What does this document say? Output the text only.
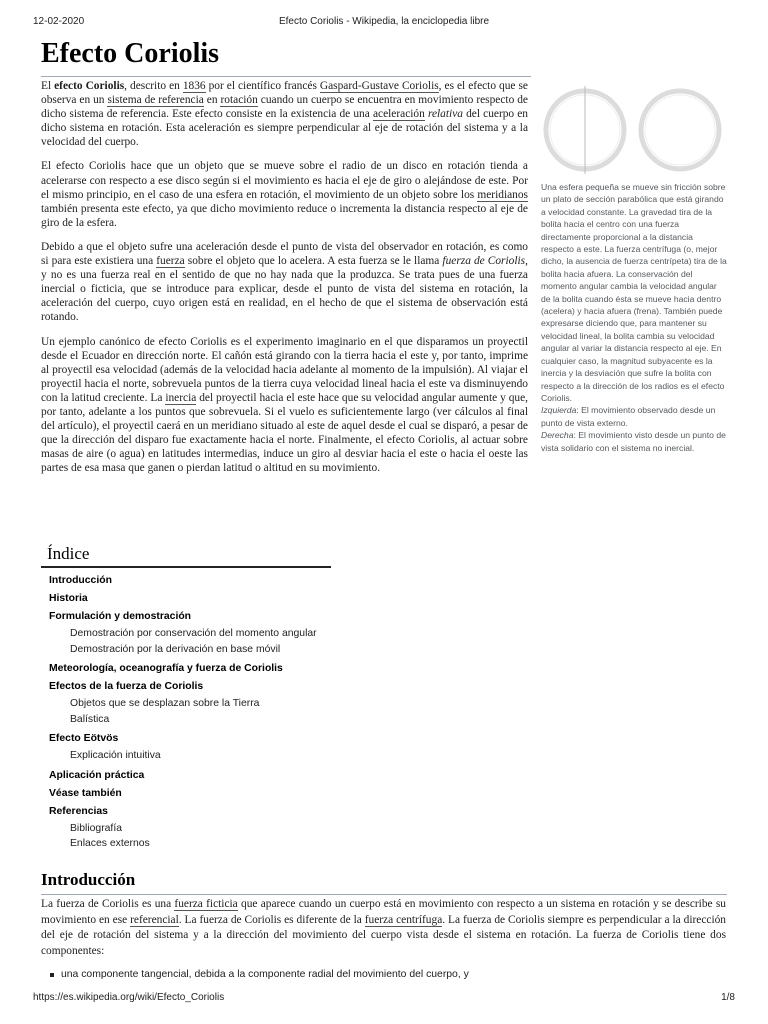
12-02-2020	Efecto Coriolis - Wikipedia, la enciclopedia libre
Efecto Coriolis

El efecto Coriolis, descrito en 1836 por el científico francés Gaspard-Gustave Coriolis, es el efecto que se observa en un sistema de referencia en rotación cuando un cuerpo se encuentra en movimiento respecto de dicho sistema de referencia. Este efecto consiste en la existencia de una aceleración relativa del cuerpo en dicho sistema en rotación. Esta aceleración es siempre perpendicular al eje de rotación del sistema y a la velocidad del cuerpo.

El efecto Coriolis hace que un objeto que se mueve sobre el radio de un disco en rotación tienda a acelerarse con respecto a ese disco según si el movimiento es hacia el eje de giro o alejándose de este. Por el mismo principio, en el caso de una esfera en rotación, el movimiento de un objeto sobre los meridianos también presenta este efecto, ya que dicho movimiento reduce o incrementa la distancia respecto al eje de giro de la esfera.

Debido a que el objeto sufre una aceleración desde el punto de vista del observador en rotación, es como si para este existiera una fuerza sobre el objeto que lo acelera. A esta fuerza se le llama fuerza de Coriolis, y no es una fuerza real en el sentido de que no hay nada que la produzca. Se trata pues de una fuerza inercial o ficticia, que se introduce para explicar, desde el punto de vista del sistema en rotación, la aceleración del cuerpo, cuyo origen está en realidad, en el hecho de que el sistema de observación está rotando.

Un ejemplo canónico de efecto Coriolis es el experimento imaginario en el que disparamos un proyectil desde el Ecuador en dirección norte. El cañón está girando con la tierra hacia el este y, por tanto, imprime al proyectil esa velocidad (además de la velocidad hacia adelante al momento de la impulsión). Al viajar el proyectil hacia el norte, sobrevuela puntos de la tierra cuya velocidad lineal hacia el este va disminuyendo con la latitud creciente. La inercia del proyectil hacia el este hace que su velocidad angular aumente y que, por tanto, adelante a los puntos que sobrevuela. Si el vuelo es suficientemente largo (ver cálculos al final del artículo), el proyectil caerá en un meridiano situado al este de aquel desde el cual se disparó, a pesar de que la dirección del disparo fue exactamente hacia el norte. Finalmente, el efecto Coriolis, al actuar sobre masas de aire (o agua) en latitudes intermedias, induce un giro al desviar hacia el este o hacia el oeste las partes de esa masa que ganen o pierdan latitud o altitud en su movimiento.

Una esfera pequeña se mueve sin fricción sobre un plato de sección parabólica que está girando a velocidad constante. La gravedad tira de la bolita hacia el centro con una fuerza directamente proporcional a la distancia respecto a este. La fuerza centrífuga (o, mejor dicho, la ausencia de fuerza centrípeta) tira de la bolita hacia afuera. La conservación del momento angular cambia la velocidad angular de la bolita cuando ésta se mueve hacia dentro (acelera) y hacia afuera (frena). También puede expresarse diciendo que, para mantener su velocidad lineal, la bolita cambia su velocidad angular al variar la distancia respecto al eje. En cualquier caso, la magnitud subyacente es la inercia y la desviación que sufre la bolita con respecto a la dirección de los radios es el efecto Coriolis.

Izquierda: El movimiento observado desde un punto de vista externo.

Derecha: El movimiento visto desde un punto de vista solidario con el sistema no inercial.

Índice
Introducción
Historia
Formulación y demostración
Demostración por conservación del momento angular
Demostración por la derivación en base móvil
Meteorología, oceanografía y fuerza de Coriolis
Efectos de la fuerza de Coriolis
Objetos que se desplazan sobre la Tierra
Balística
Efecto Eötvös
Explicación intuitiva
Aplicación práctica
Véase también
Referencias
Bibliografía
Enlaces externos
Introducción

La fuerza de Coriolis es una fuerza ficticia que aparece cuando un cuerpo está en movimiento con respecto a un sistema en rotación y se describe su movimiento en ese referencial. La fuerza de Coriolis es diferente de la fuerza centrífuga. La fuerza de Coriolis siempre es perpendicular a la dirección del eje de rotación del sistema y a la dirección del movimiento del cuerpo vista desde el sistema en rotación. La fuerza de Coriolis tiene dos componentes:

una componente tangencial, debida a la componente radial del movimiento del cuerpo, y
https://es.wikipedia.org/wiki/Efecto_Coriolis	1/8
